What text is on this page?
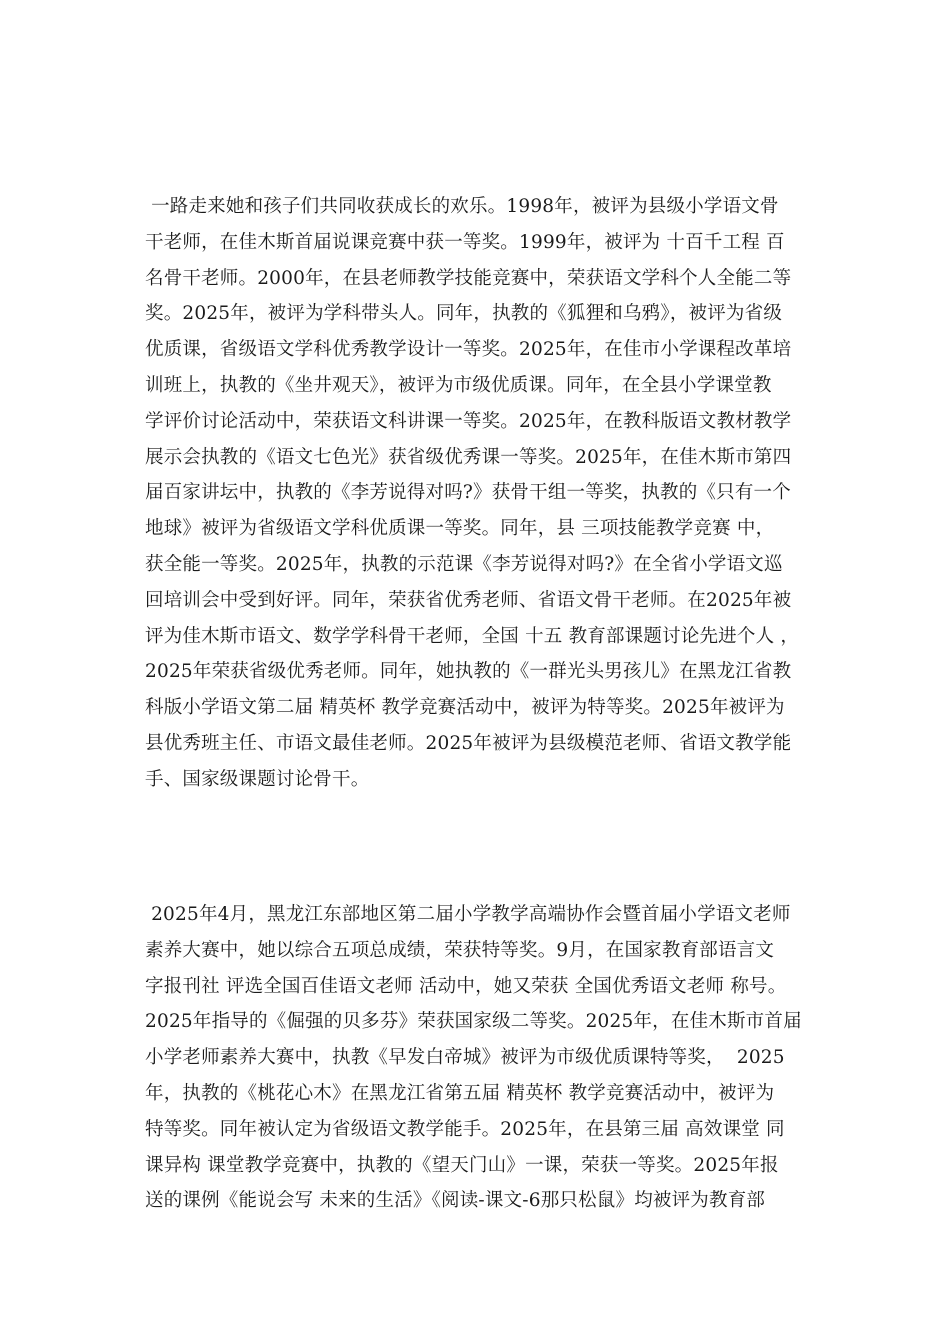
一路走来她和孩子们共同收获成长的欢乐。1998年，被评为县级小学语文骨
干老师，在佳木斯首届说课竞赛中获一等奖。1999年，被评为 十百千工程 百
名骨干老师。2000年，在县老师教学技能竞赛中，荣获语文学科个人全能二等
奖。2025年，被评为学科带头人。同年，执教的《狐狸和乌鸦》，被评为省级
优质课，省级语文学科优秀教学设计一等奖。2025年，在佳市小学课程改革培
训班上，执教的《坐井观天》，被评为市级优质课。同年，在全县小学课堂教
学评价讨论活动中，荣获语文科讲课一等奖。2025年，在教科版语文教材教学
展示会执教的《语文七色光》获省级优秀课一等奖。2025年，在佳木斯市第四
届百家讲坛中，执教的《李芳说得对吗?》获骨干组一等奖，执教的《只有一个
地球》被评为省级语文学科优质课一等奖。同年，县 三项技能教学竞赛 中，
获全能一等奖。2025年，执教的示范课《李芳说得对吗?》在全省小学语文巡
回培训会中受到好评。同年，荣获省优秀老师、省语文骨干老师。在2025年被
评为佳木斯市语文、数学学科骨干老师，全国 十五 教育部课题讨论先进个人 ，
2025年荣获省级优秀老师。同年，她执教的《一群光头男孩儿》在黑龙江省教
科版小学语文第二届 精英杯 教学竞赛活动中，被评为特等奖。2025年被评为
县优秀班主任、市语文最佳老师。2025年被评为县级模范老师、省语文教学能
手、国家级课题讨论骨干。
2025年4月，黑龙江东部地区第二届小学教学高端协作会暨首届小学语文老师
素养大赛中，她以综合五项总成绩，荣获特等奖。9月，在国家教育部语言文
字报刊社 评选全国百佳语文老师 活动中，她又荣获 全国优秀语文老师 称号。
2025年指导的《倔强的贝多芬》荣获国家级二等奖。2025年，在佳木斯市首届
小学老师素养大赛中，执教《早发白帝城》被评为市级优质课特等奖，  2025
年，执教的《桃花心木》在黑龙江省第五届 精英杯 教学竞赛活动中，被评为
特等奖。同年被认定为省级语文教学能手。2025年，在县第三届 高效课堂 同
课异构 课堂教学竞赛中，执教的《望天门山》一课，荣获一等奖。2025年报
送的课例《能说会写 未来的生活》《阅读-课文-6那只松鼠》均被评为教育部
